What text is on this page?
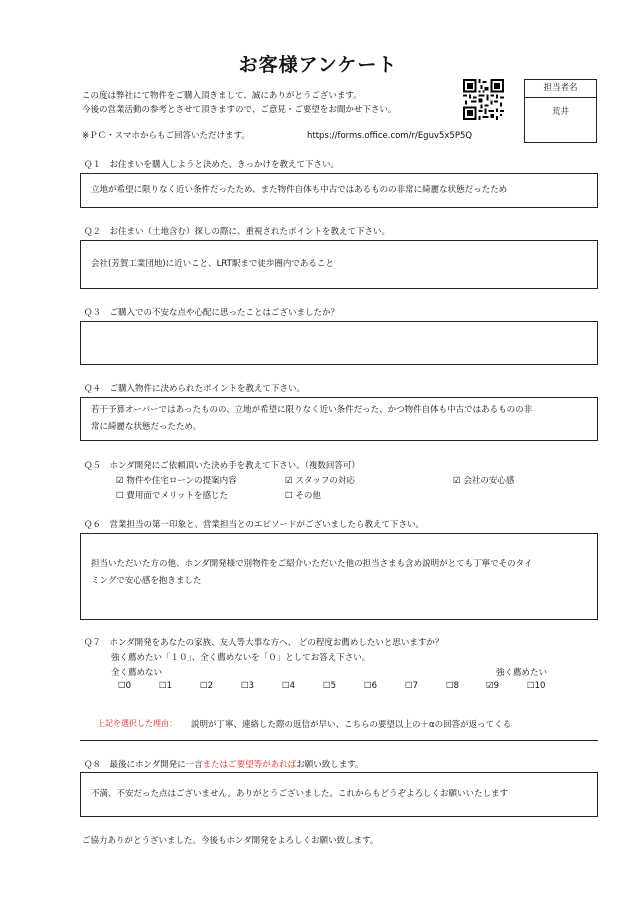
お客様アンケート
この度は弊社にて物件をご購入頂きまして、誠にありがとうございます。
今後の営業活動の参考とさせて頂きますので、ご意見・ご要望をお聞かせ下さい。
※ＰＣ・スマホからもご回答いただけます。	https://forms.office.com/r/Eguv5x5P5Q
担当者名
荒井
Ｑ１　お住まいを購入しようと決めた、きっかけを教えて下さい。
立地が希望に限りなく近い条件だったため、また物件自体も中古ではあるものの非常に綺麗な状態だったため
Ｑ２　お住まい（土地含む）探しの際に、重視されたポイントを教えて下さい。
会社(芳賀工業団地)に近いこと、LRT駅まで徒歩圏内であること
Ｑ３　ご購入での不安な点や心配に思ったことはございましたか？
Ｑ４　ご購入物件に決められたポイントを教えて下さい。
若干予算オーバーではあったものの、立地が希望に限りなく近い条件だった、かつ物件自体も中古ではあるものの非
常に綺麗な状態だったため。
Ｑ５　ホンダ開発にご依頼頂いた決め手を教えて下さい。（複数回答可）
☑ 物件や住宅ローンの提案内容	☑ スタッフの対応	☑ 会社の安心感
☐ 費用面でメリットを感じた	☐ その他
Ｑ６　営業担当の第一印象と、営業担当とのエピソードがございましたら教えて下さい。
担当いただいた方の他、ホンダ開発様で別物件をご紹介いただいた他の担当さまも含め説明がとても丁寧でそのタイ
ミングで安心感を抱きました
Ｑ７　ホンダ開発をあなたの家族、友人等大事な方へ、 どの程度お薦めしたいと思いますか？
強く薦めたい「１０」、全く薦めないを「０」としてお答え下さい。
全く薦めない	強く薦めたい
☐0	☐1	☐2	☐3	☐4	☐5	☐6	☐7	☐8	☑9	☐10
上記を選択した理由： 説明が丁寧、連絡した際の返信が早い、こちらの要望以上の＋αの回答が返ってくる
Ｑ８　最後にホンダ開発に一言またはご要望等があればお願い致します。
不満、不安だった点はございません。ありがとうございました。これからもどうぞよろしくお願いいたします
ご協力ありがとうざいました。今後もホンダ開発をよろしくお願い致します。
